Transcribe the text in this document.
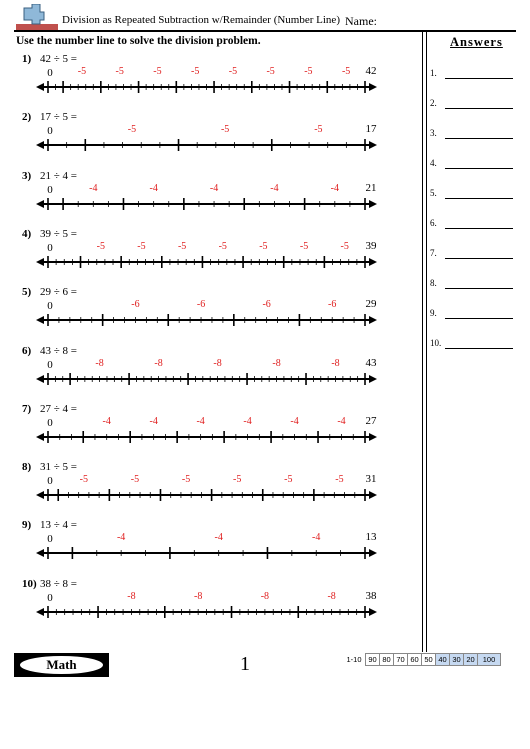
Division as Repeated Subtraction w/Remainder (Number Line) Name:
Use the number line to solve the division problem.	Answers
1.
2.
3.
4.
5.
6.
7.
8.
9.
10.
1) 42 ÷ 5 =
0	42
-5
-5
-5
-5
-5
-5
-5
-5
2) 17 ÷ 5 =
0	17
-5
-5
-5
3) 21 ÷ 4 =
0	21
-4
-4
-4
-4
-4
4) 39 ÷ 5 =
0	39
-5
-5
-5
-5
-5
-5
-5
5) 29 ÷ 6 =
0	29
-6
-6
-6
-6
6) 43 ÷ 8 =
0	43
-8
-8
-8
-8
-8
7) 27 ÷ 4 =
0	27
-4
-4
-4
-4
-4
-4
8) 31 ÷ 5 =
0	31
-5
-5
-5
-5
-5
-5
9) 13 ÷ 4 =
0	13
-4
-4
-4
10) 38 ÷ 8 =
0	38
-8
-8
-8
-8
Math	1	1-10	90	80	70	60	50	40	30	20	100
